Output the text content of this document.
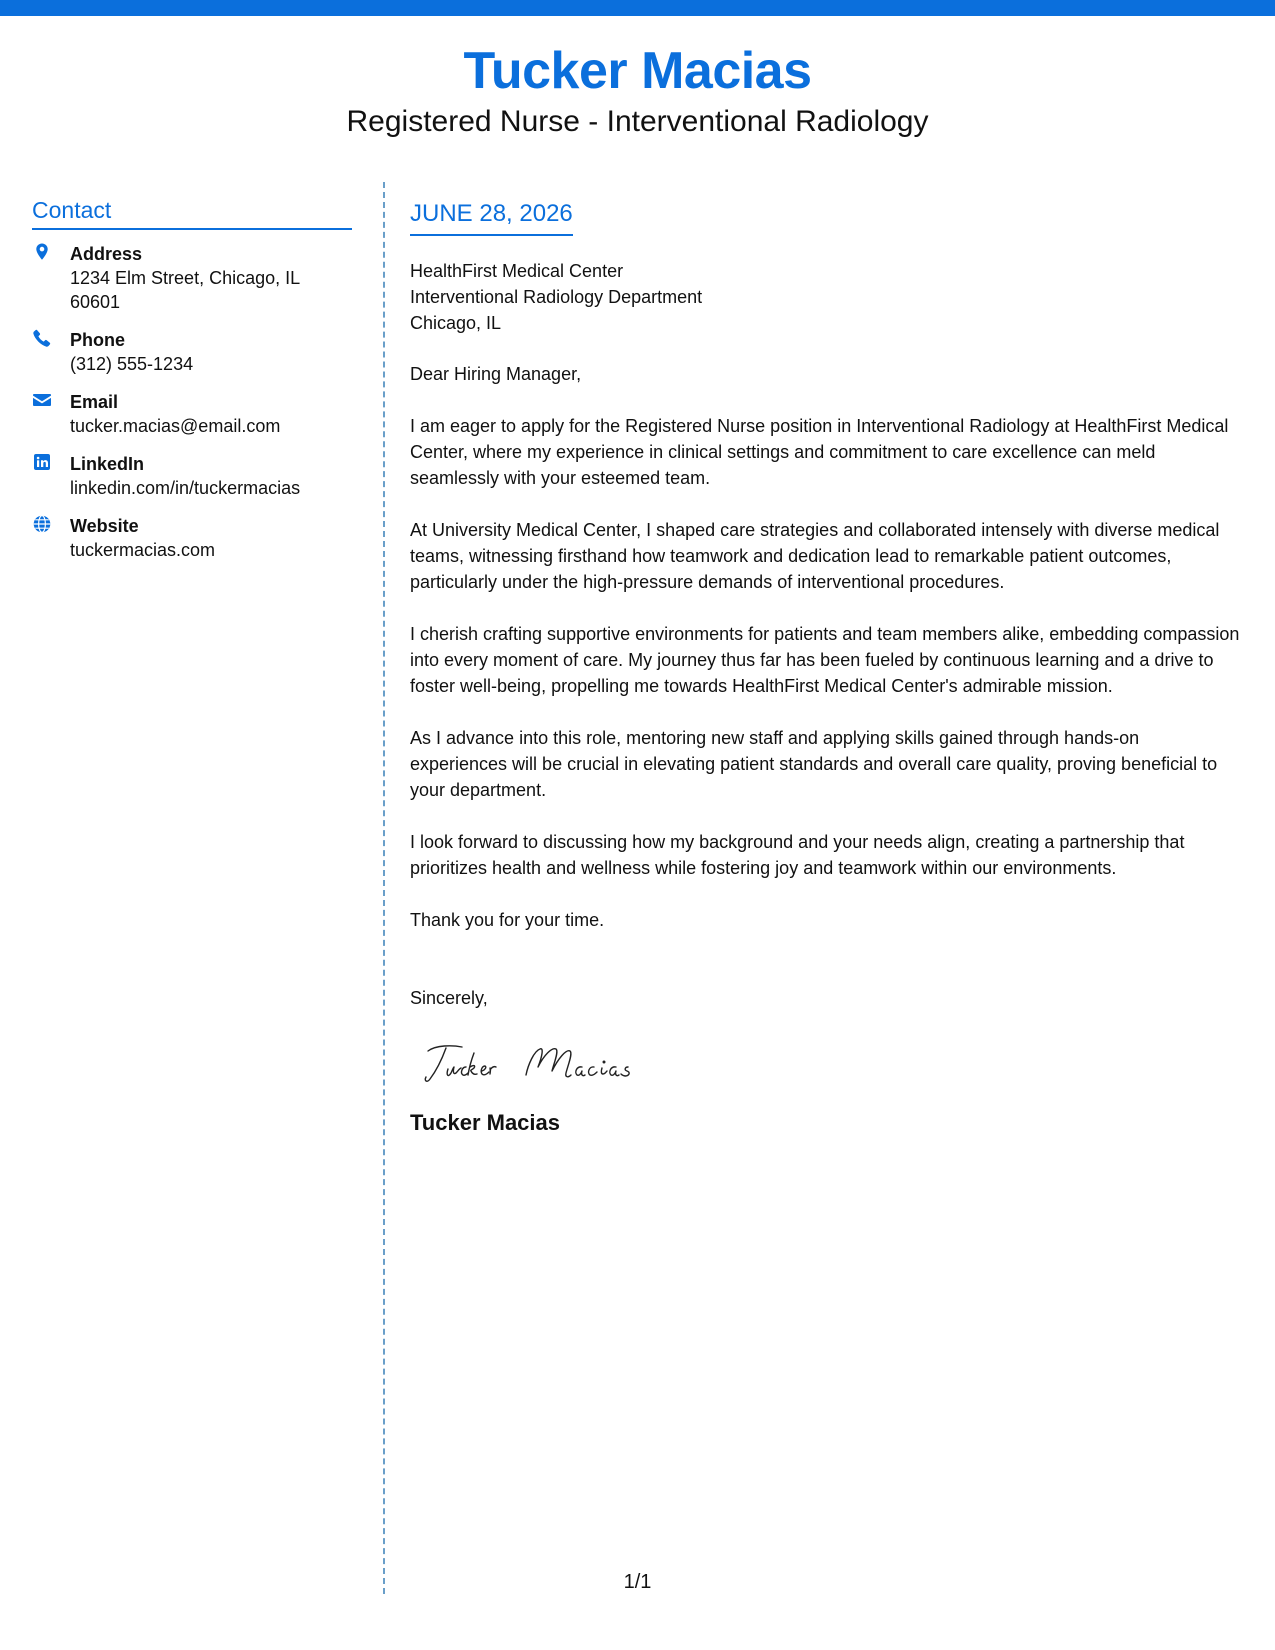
Tucker Macias
Registered Nurse - Interventional Radiology
Contact
Address
1234 Elm Street, Chicago, IL 60601
Phone
(312) 555-1234
Email
tucker.macias@email.com
LinkedIn
linkedin.com/in/tuckermacias
Website
tuckermacias.com
JUNE 28, 2026
HealthFirst Medical Center
Interventional Radiology Department
Chicago, IL

Dear Hiring Manager,

I am eager to apply for the Registered Nurse position in Interventional Radiology at HealthFirst Medical Center, where my experience in clinical settings and commitment to care excellence can meld seamlessly with your esteemed team.

At University Medical Center, I shaped care strategies and collaborated intensely with diverse medical teams, witnessing firsthand how teamwork and dedication lead to remarkable patient outcomes, particularly under the high-pressure demands of interventional procedures.

I cherish crafting supportive environments for patients and team members alike, embedding compassion into every moment of care. My journey thus far has been fueled by continuous learning and a drive to foster well-being, propelling me towards HealthFirst Medical Center's admirable mission.

As I advance into this role, mentoring new staff and applying skills gained through hands-on experiences will be crucial in elevating patient standards and overall care quality, proving beneficial to your department.

I look forward to discussing how my background and your needs align, creating a partnership that prioritizes health and wellness while fostering joy and teamwork within our environments.

Thank you for your time.

Sincerely,

Tucker Macias
1/1
